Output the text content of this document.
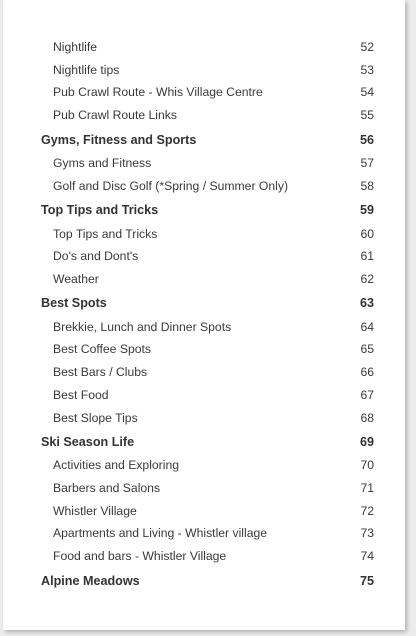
Nightlife	52
Nightlife tips	53
Pub Crawl Route - Whis Village Centre	54
Pub Crawl Route Links	55
Gyms, Fitness and Sports	56
Gyms and Fitness	57
Golf and Disc Golf (*Spring / Summer Only)	58
Top Tips and Tricks	59
Top Tips and Tricks	60
Do's and Dont's	61
Weather	62
Best Spots	63
Brekkie, Lunch and Dinner Spots	64
Best Coffee Spots	65
Best Bars / Clubs	66
Best Food	67
Best Slope Tips	68
Ski Season Life	69
Activities and Exploring	70
Barbers and Salons	71
Whistler Village	72
Apartments and Living - Whistler village	73
Food and bars - Whistler Village	74
Alpine Meadows	75
